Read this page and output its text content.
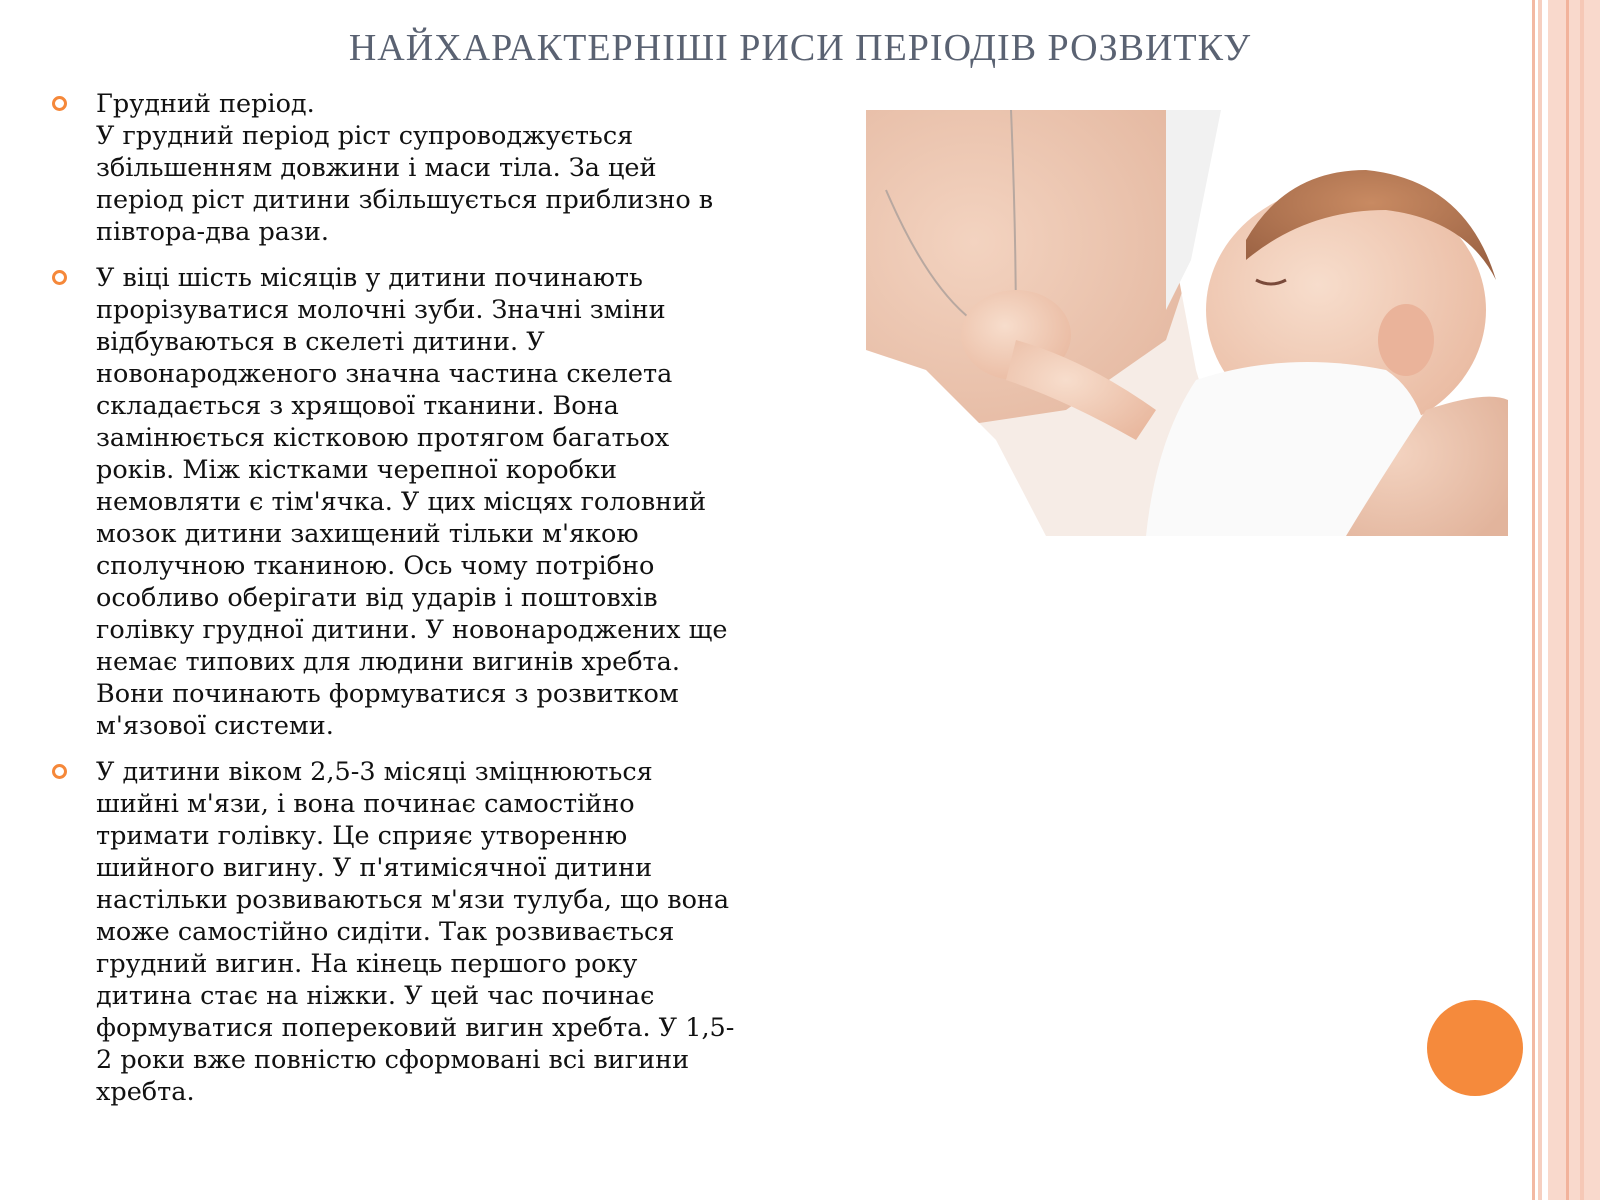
НАЙХАРАКТЕРНІШІ РИСИ ПЕРІОДІВ РОЗВИТКУ
Грудний період.
У грудний період ріст супроводжується
збільшенням довжини і маси тіла. За цей
період ріст дитини збільшується приблизно в
півтора-два рази.
У віці шість місяців у дитини починають
прорізуватися молочні зуби. Значні зміни
відбуваються в скелеті дитини. У
новонародженого значна частина скелета
складається з хрящової тканини. Вона
замінюється кістковою протягом багатьох
років. Між кістками черепної коробки
немовляти є тім'ячка. У цих місцях головний
мозок дитини захищений тільки м'якою
сполучною тканиною. Ось чому потрібно
особливо оберігати від ударів і поштовхів
голівку грудної дитини. У новонароджених ще
немає типових для людини вигинів хребта.
Вони починають формуватися з розвитком
м'язової системи.
У дитини віком 2,5-3 місяці зміцнюються
шийні м'язи, і вона починає самостійно
тримати голівку. Це сприяє утворенню
шийного вигину. У п'ятимісячної дитини
настільки розвиваються м'язи тулуба, що вона
може самостійно сидіти. Так розвивається
грудний вигин. На кінець першого року
дитина стає на ніжки. У цей час починає
формуватися поперековий вигин хребта. У 1,5-
2 роки вже повністю сформовані всі вигини
хребта.
